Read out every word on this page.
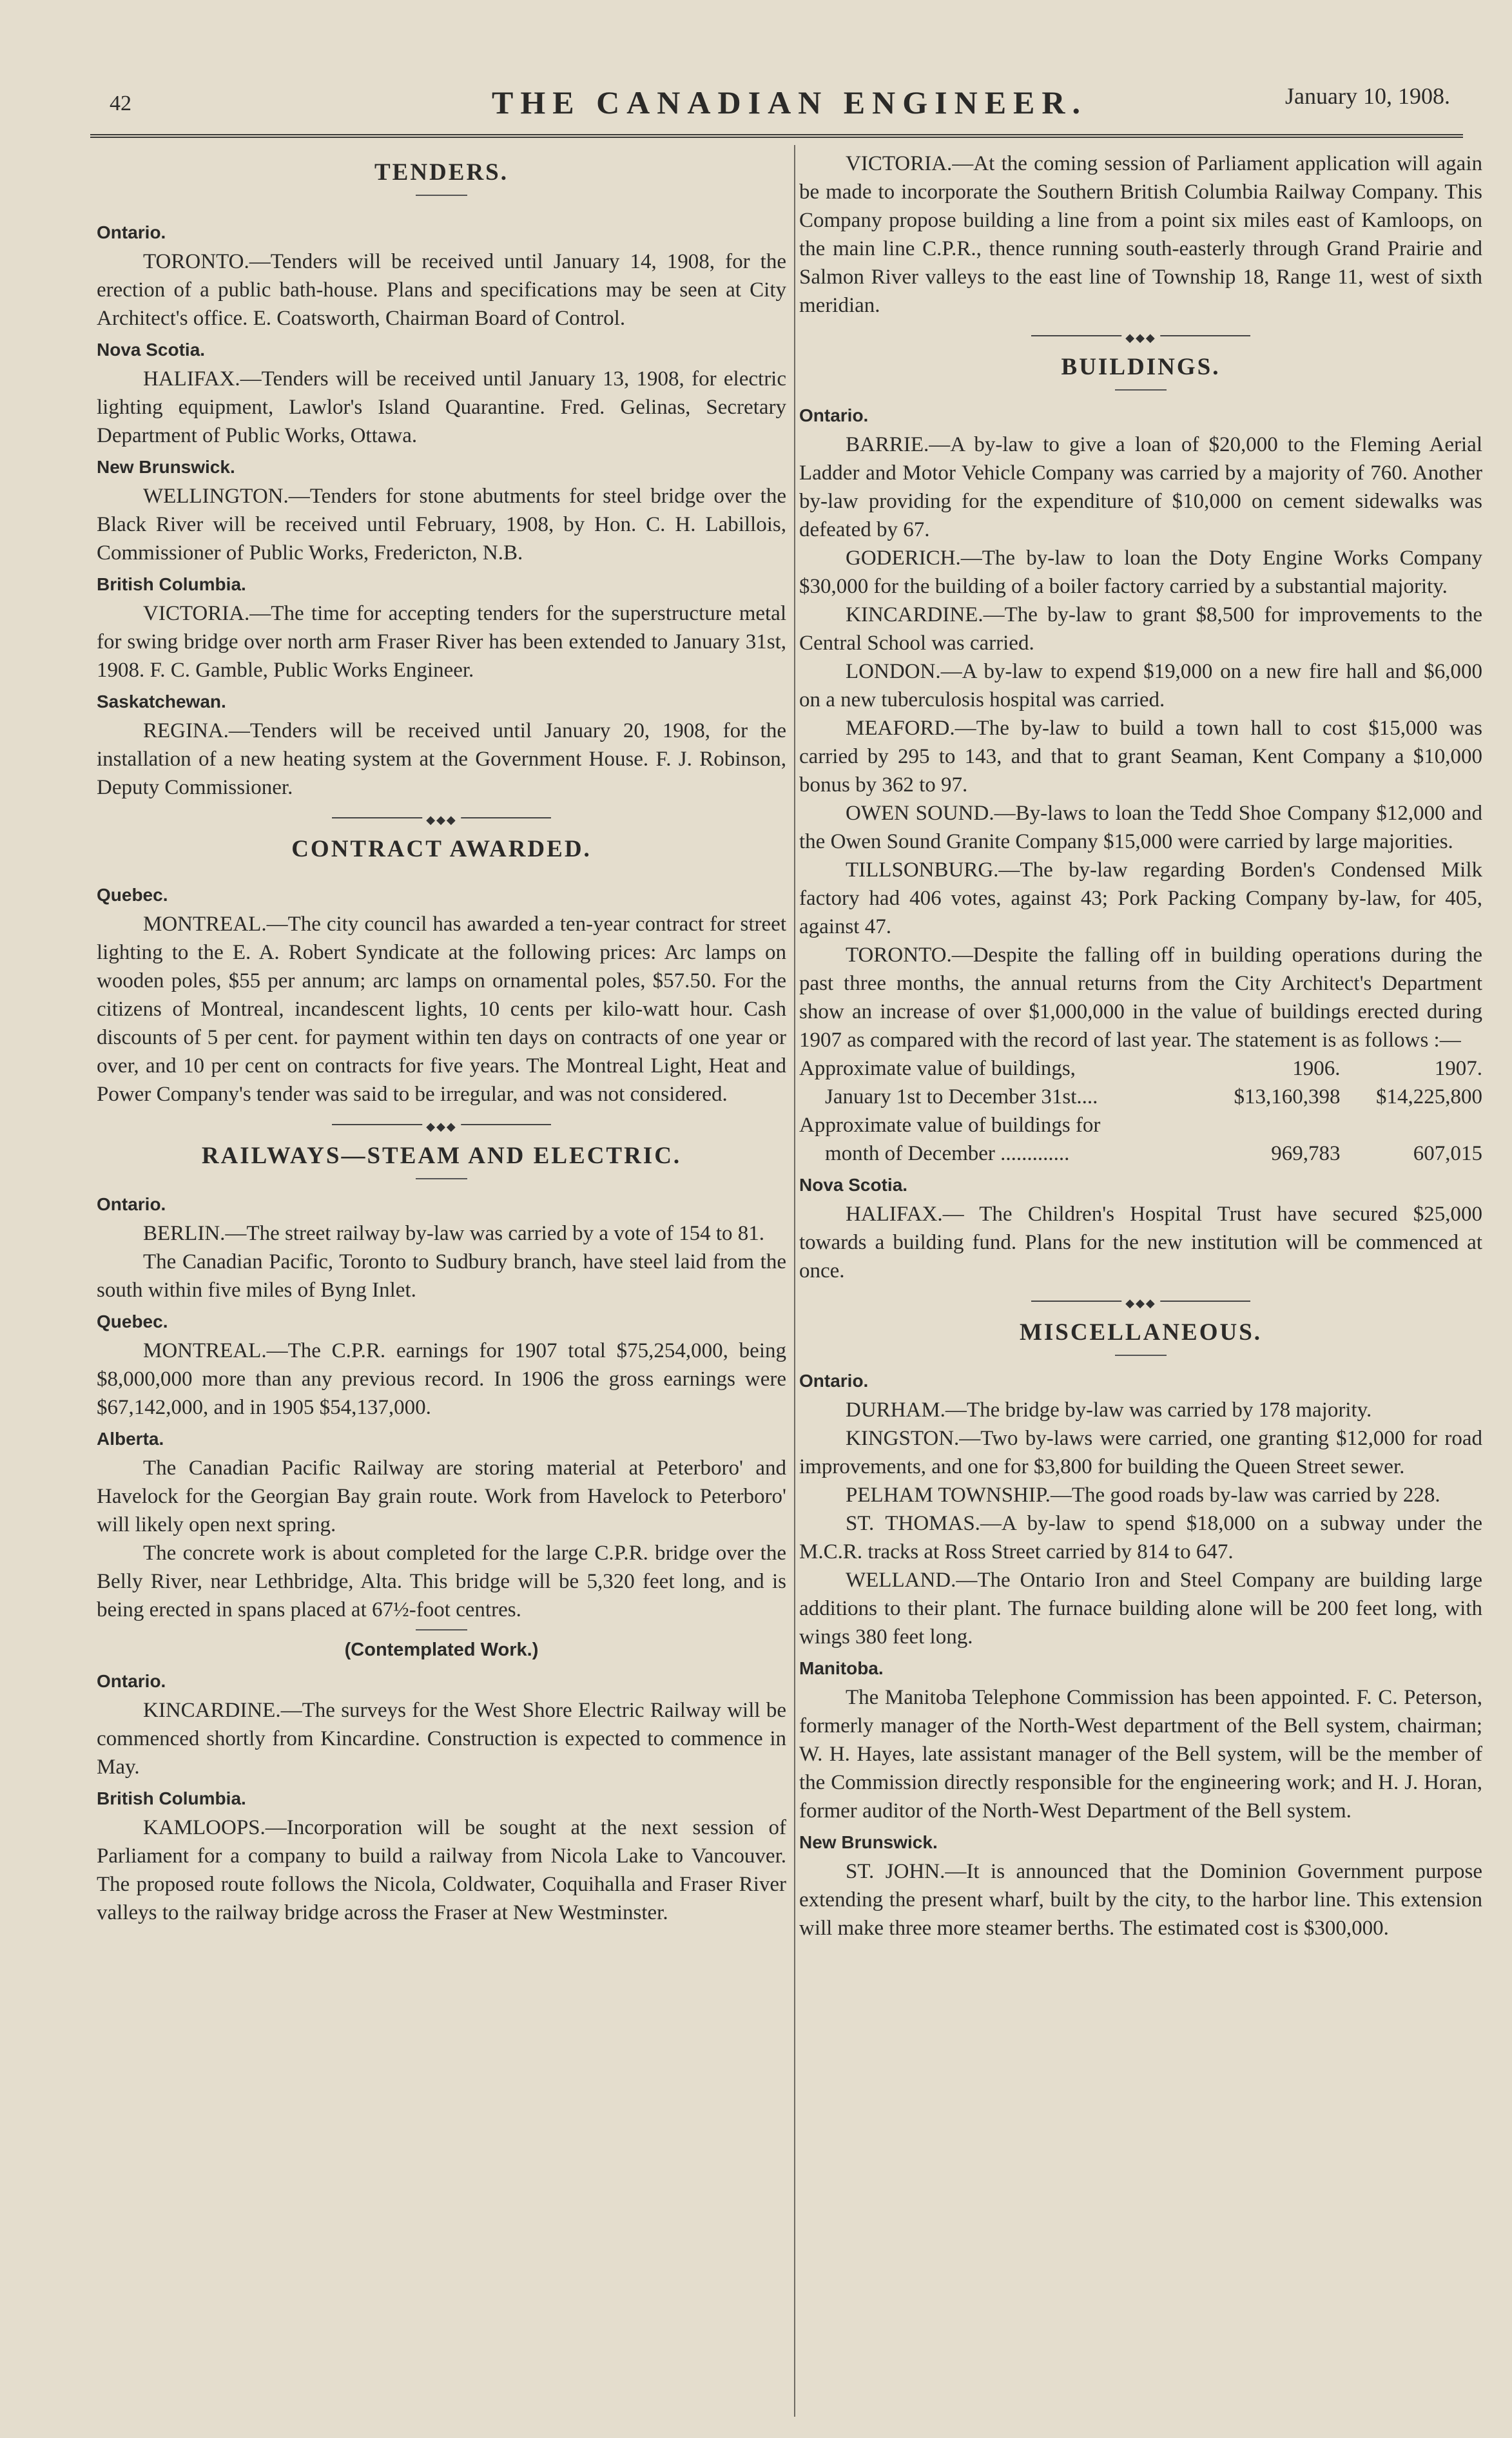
42	THE CANADIAN ENGINEER.	January 10, 1908.
TENDERS.
Ontario.

TORONTO.—Tenders will be received until January 14, 1908, for the erection of a public bath-house. Plans and specifications may be seen at City Architect's office. E. Coatsworth, Chairman Board of Control.

Nova Scotia.

HALIFAX.—Tenders will be received until January 13, 1908, for electric lighting equipment, Lawlor's Island Quarantine. Fred. Gelinas, Secretary Department of Public Works, Ottawa.

New Brunswick.

WELLINGTON.—Tenders for stone abutments for steel bridge over the Black River will be received until February, 1908, by Hon. C. H. Labillois, Commissioner of Public Works, Fredericton, N.B.

British Columbia.

VICTORIA.—The time for accepting tenders for the superstructure metal for swing bridge over north arm Fraser River has been extended to January 31st, 1908. F. C. Gamble, Public Works Engineer.

Saskatchewan.

REGINA.—Tenders will be received until January 20, 1908, for the installation of a new heating system at the Government House. F. J. Robinson, Deputy Commissioner.

◆◆◆
CONTRACT AWARDED.
Quebec.

MONTREAL.—The city council has awarded a ten-year contract for street lighting to the E. A. Robert Syndicate at the following prices: Arc lamps on wooden poles, $55 per annum; arc lamps on ornamental poles, $57.50. For the citizens of Montreal, incandescent lights, 10 cents per kilo-watt hour. Cash discounts of 5 per cent. for payment within ten days on contracts of one year or over, and 10 per cent on contracts for five years. The Montreal Light, Heat and Power Company's tender was said to be irregular, and was not considered.

◆◆◆
RAILWAYS—STEAM AND ELECTRIC.
Ontario.

BERLIN.—The street railway by-law was carried by a vote of 154 to 81.

The Canadian Pacific, Toronto to Sudbury branch, have steel laid from the south within five miles of Byng Inlet.

Quebec.

MONTREAL.—The C.P.R. earnings for 1907 total $75,254,000, being $8,000,000 more than any previous record. In 1906 the gross earnings were $67,142,000, and in 1905 $54,137,000.

Alberta.

The Canadian Pacific Railway are storing material at Peterboro' and Havelock for the Georgian Bay grain route. Work from Havelock to Peterboro' will likely open next spring.

The concrete work is about completed for the large C.P.R. bridge over the Belly River, near Lethbridge, Alta. This bridge will be 5,320 feet long, and is being erected in spans placed at 67½-foot centres.

(Contemplated Work.)
Ontario.

KINCARDINE.—The surveys for the West Shore Electric Railway will be commenced shortly from Kincardine. Construction is expected to commence in May.

British Columbia.

KAMLOOPS.—Incorporation will be sought at the next session of Parliament for a company to build a railway from Nicola Lake to Vancouver. The proposed route follows the Nicola, Coldwater, Coquihalla and Fraser River valleys to the railway bridge across the Fraser at New Westminster.

VICTORIA.—At the coming session of Parliament application will again be made to incorporate the Southern British Columbia Railway Company. This Company propose building a line from a point six miles east of Kamloops, on the main line C.P.R., thence running south-easterly through Grand Prairie and Salmon River valleys to the east line of Township 18, Range 11, west of sixth meridian.

◆◆◆
BUILDINGS.
Ontario.

BARRIE.—A by-law to give a loan of $20,000 to the Fleming Aerial Ladder and Motor Vehicle Company was carried by a majority of 760. Another by-law providing for the expenditure of $10,000 on cement sidewalks was defeated by 67.

GODERICH.—The by-law to loan the Doty Engine Works Company $30,000 for the building of a boiler factory carried by a substantial majority.

KINCARDINE.—The by-law to grant $8,500 for improvements to the Central School was carried.

LONDON.—A by-law to expend $19,000 on a new fire hall and $6,000 on a new tuberculosis hospital was carried.

MEAFORD.—The by-law to build a town hall to cost $15,000 was carried by 295 to 143, and that to grant Seaman, Kent Company a $10,000 bonus by 362 to 97.

OWEN SOUND.—By-laws to loan the Tedd Shoe Company $12,000 and the Owen Sound Granite Company $15,000 were carried by large majorities.

TILLSONBURG.—The by-law regarding Borden's Condensed Milk factory had 406 votes, against 43; Pork Packing Company by-law, for 405, against 47.

TORONTO.—Despite the falling off in building operations during the past three months, the annual returns from the City Architect's Department show an increase of over $1,000,000 in the value of buildings erected during 1907 as compared with the record of last year. The statement is as follows :—

Approximate value of buildings,	1906.	1907.
January 1st to December 31st....	$13,160,398	$14,225,800
Approximate value of buildings for		
month of December .............	969,783	607,015
Nova Scotia.

HALIFAX.— The Children's Hospital Trust have secured $25,000 towards a building fund. Plans for the new institution will be commenced at once.

◆◆◆
MISCELLANEOUS.
Ontario.

DURHAM.—The bridge by-law was carried by 178 majority.

KINGSTON.—Two by-laws were carried, one granting $12,000 for road improvements, and one for $3,800 for building the Queen Street sewer.

PELHAM TOWNSHIP.—The good roads by-law was carried by 228.

ST. THOMAS.—A by-law to spend $18,000 on a subway under the M.C.R. tracks at Ross Street carried by 814 to 647.

WELLAND.—The Ontario Iron and Steel Company are building large additions to their plant. The furnace building alone will be 200 feet long, with wings 380 feet long.

Manitoba.

The Manitoba Telephone Commission has been appointed. F. C. Peterson, formerly manager of the North-West department of the Bell system, chairman; W. H. Hayes, late assistant manager of the Bell system, will be the member of the Commission directly responsible for the engineering work; and H. J. Horan, former auditor of the North-West Department of the Bell system.

New Brunswick.

ST. JOHN.—It is announced that the Dominion Government purpose extending the present wharf, built by the city, to the harbor line. This extension will make three more steamer berths. The estimated cost is $300,000.
